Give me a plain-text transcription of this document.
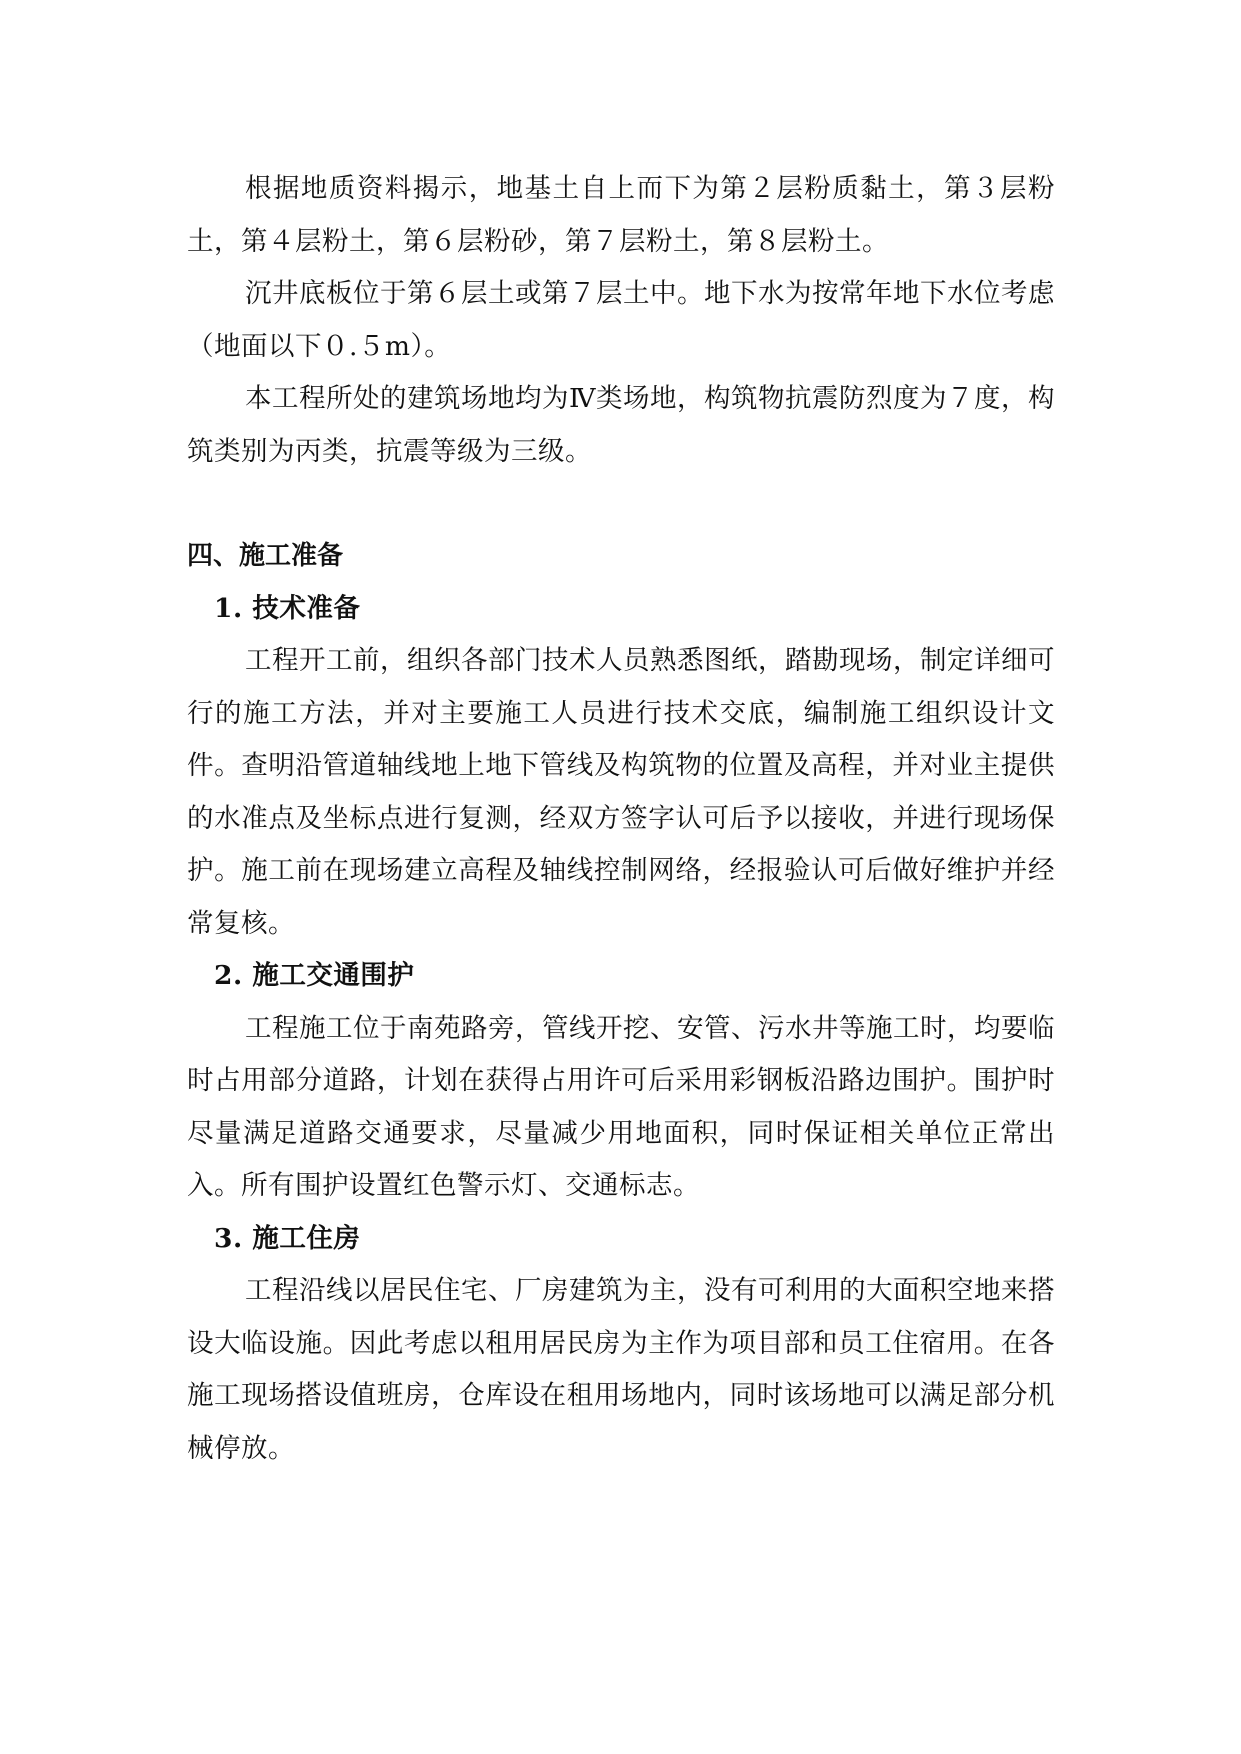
根据地质资料揭示，地基土自上而下为第２层粉质黏土，第３层粉土，第４层粉土，第６层粉砂，第７层粉土，第８层粉土。

沉井底板位于第６层土或第７层土中。地下水为按常年地下水位考虑（地面以下０.５m）。

本工程所处的建筑场地均为Ⅳ类场地，构筑物抗震防烈度为７度，构筑类别为丙类，抗震等级为三级。

四、施工准备
1. 技术准备

工程开工前，组织各部门技术人员熟悉图纸，踏勘现场，制定详细可行的施工方法，并对主要施工人员进行技术交底，编制施工组织设计文件。查明沿管道轴线地上地下管线及构筑物的位置及高程，并对业主提供的水准点及坐标点进行复测，经双方签字认可后予以接收，并进行现场保护。施工前在现场建立高程及轴线控制网络，经报验认可后做好维护并经常复核。

2. 施工交通围护

工程施工位于南苑路旁，管线开挖、安管、污水井等施工时，均要临时占用部分道路，计划在获得占用许可后采用彩钢板沿路边围护。围护时尽量满足道路交通要求，尽量减少用地面积，同时保证相关单位正常出入。所有围护设置红色警示灯、交通标志。

3. 施工住房

工程沿线以居民住宅、厂房建筑为主，没有可利用的大面积空地来搭设大临设施。因此考虑以租用居民房为主作为项目部和员工住宿用。在各施工现场搭设值班房，仓库设在租用场地内，同时该场地可以满足部分机械停放。
